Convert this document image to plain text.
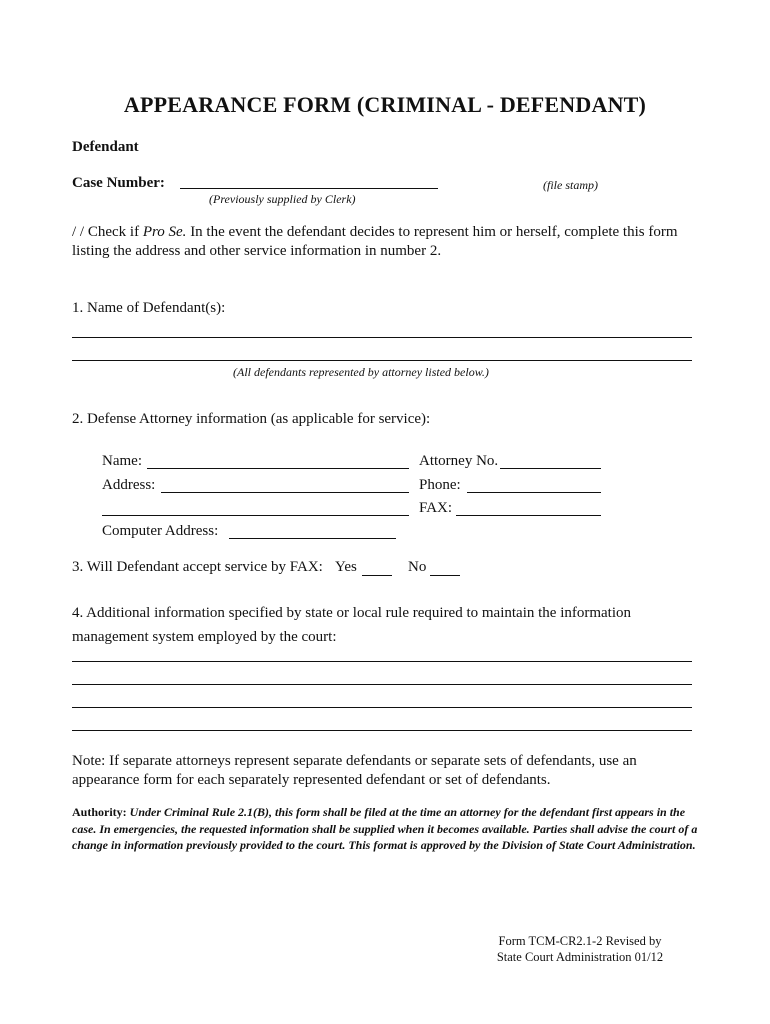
APPEARANCE FORM (CRIMINAL - DEFENDANT)
Defendant
Case Number:
(Previously supplied by Clerk)
(file stamp)
/ / Check if Pro Se. In the event the defendant decides to represent him or herself, complete this form listing the address and other service information in number 2.
1. Name of Defendant(s):
(All defendants represented by attorney listed below.)
2. Defense Attorney information (as applicable for service):
Name:	Attorney No.
Address:	Phone:
FAX:
Computer Address:
3. Will Defendant accept service by FAX: Yes	No
4. Additional information specified by state or local rule required to maintain the information management system employed by the court:
Note: If separate attorneys represent separate defendants or separate sets of defendants, use an appearance form for each separately represented defendant or set of defendants.
Authority: Under Criminal Rule 2.1(B), this form shall be filed at the time an attorney for the defendant first appears in the case. In emergencies, the requested information shall be supplied when it becomes available. Parties shall advise the court of a change in information previously provided to the court. This format is approved by the Division of State Court Administration.
Form TCM-CR2.1-2 Revised by
State Court Administration 01/12
